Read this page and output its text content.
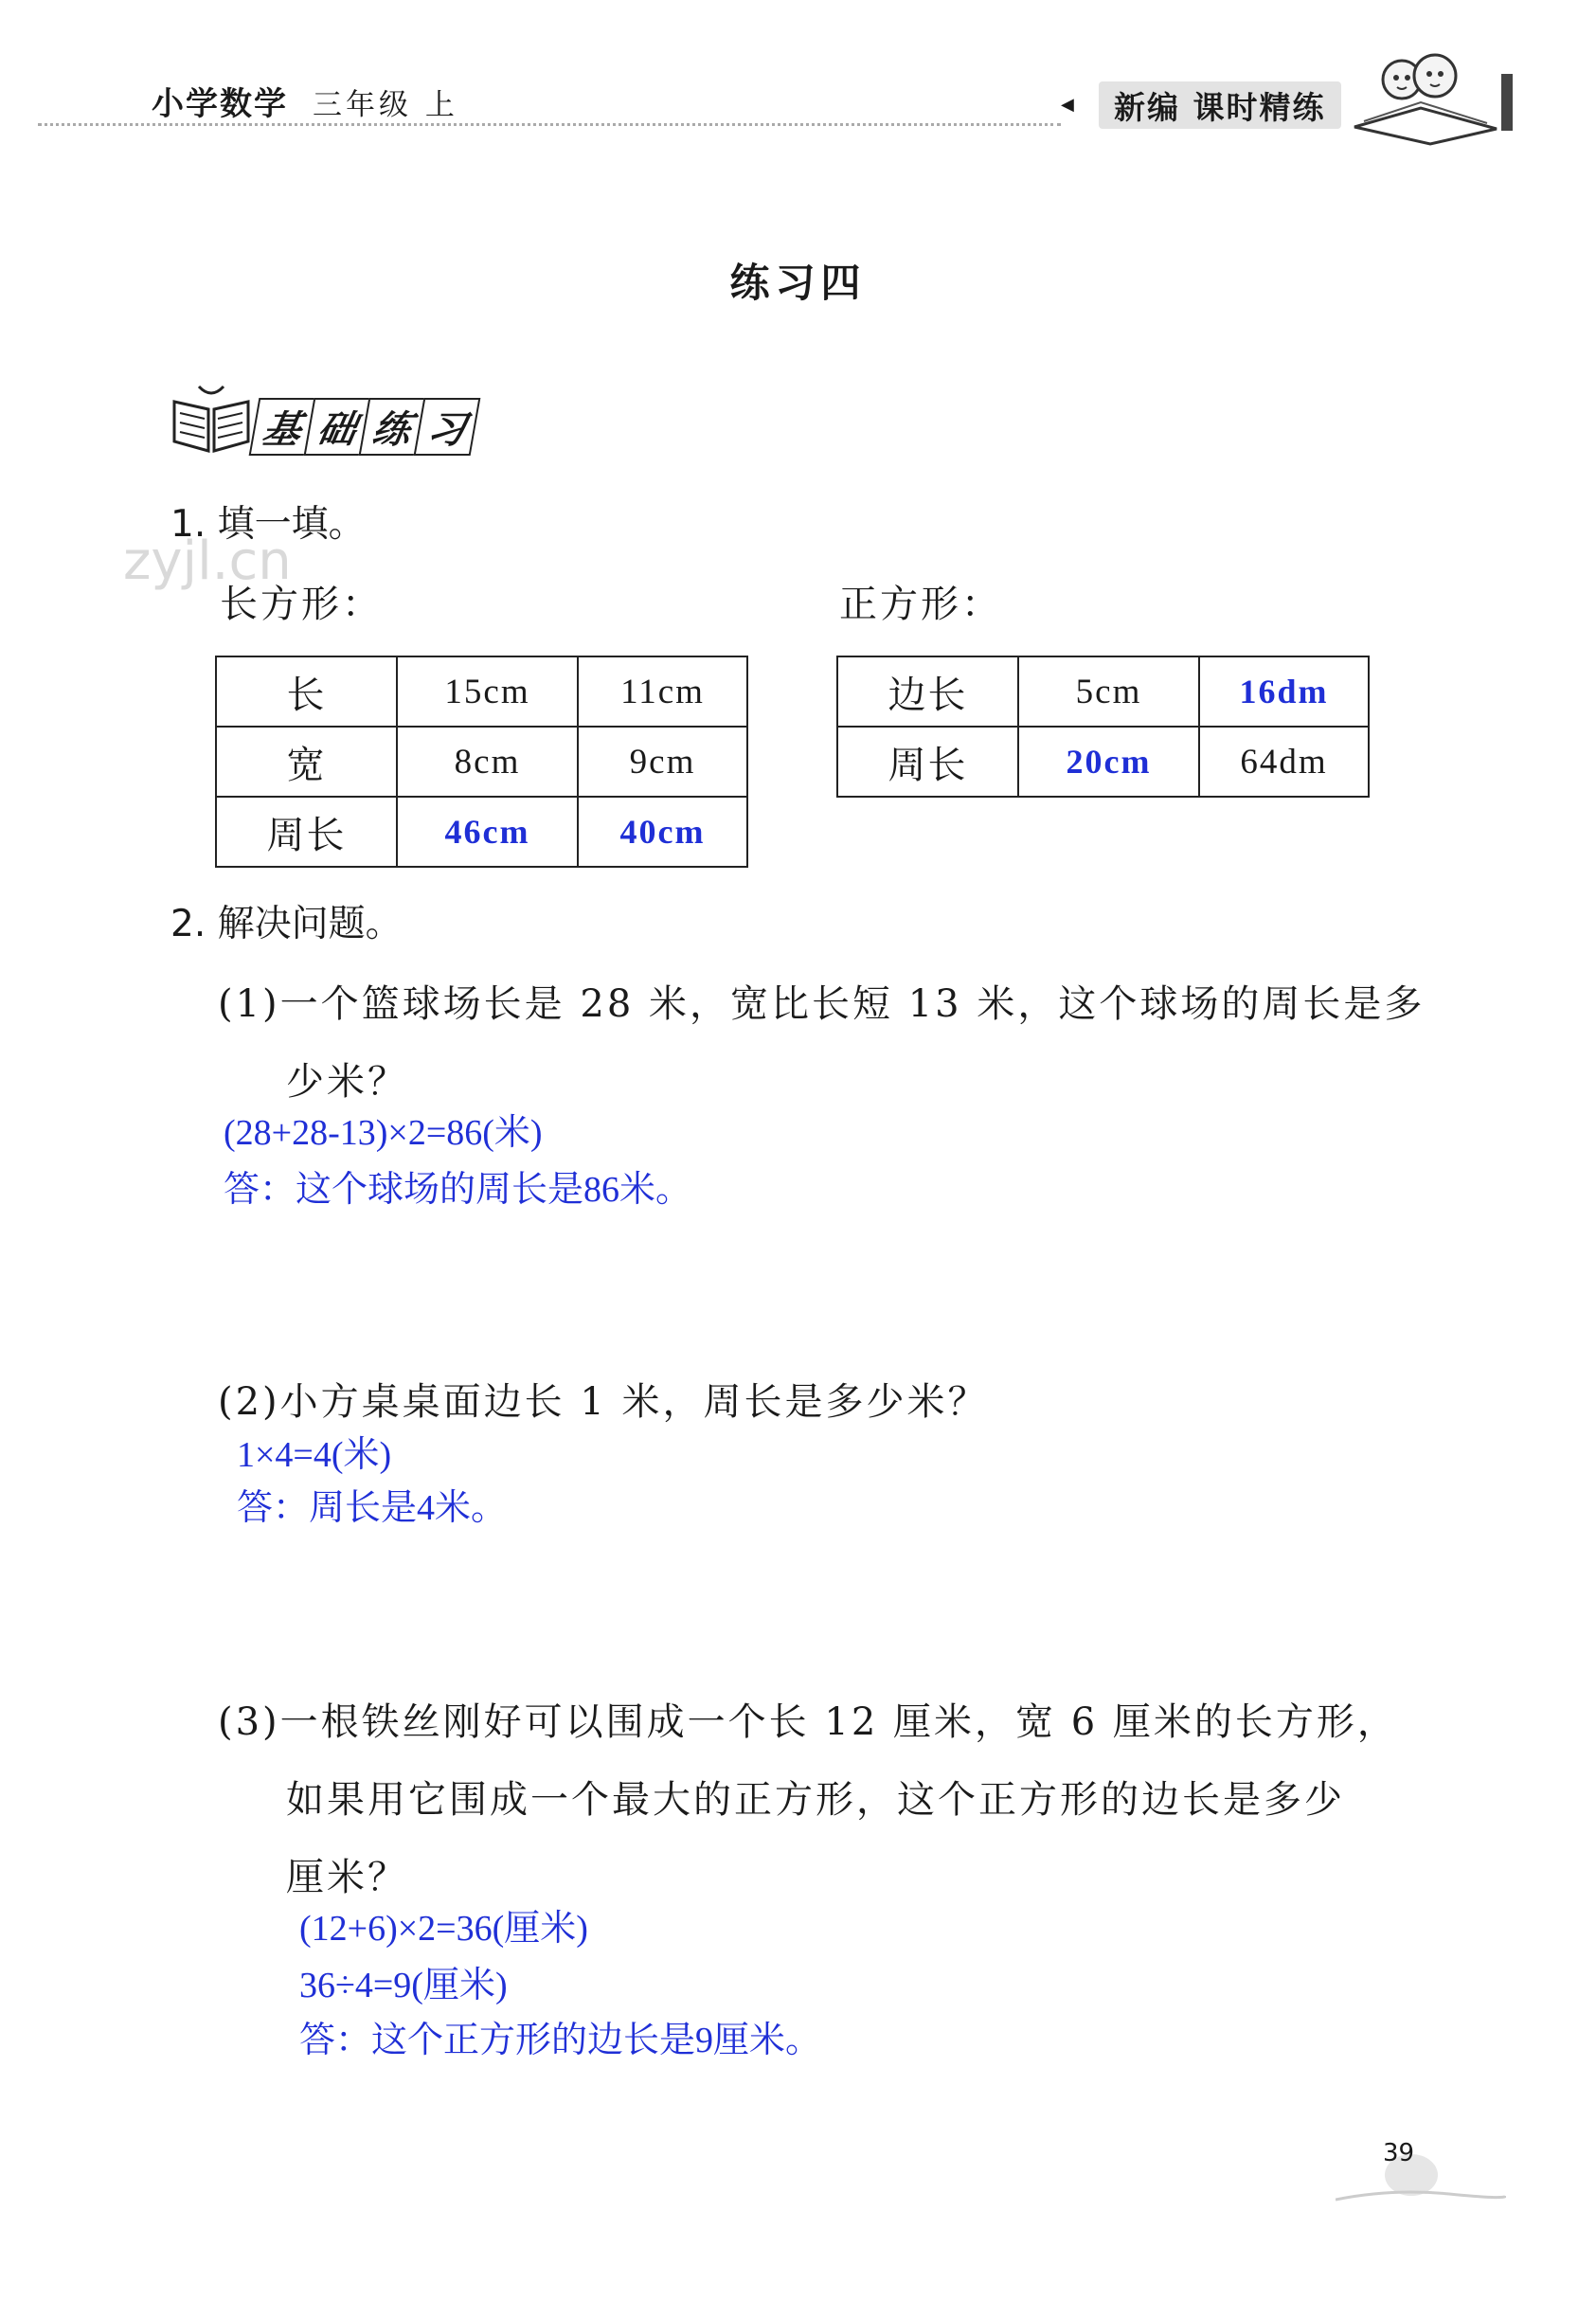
小学数学 三年级 上	◀	新编 课时精练
zyjl.cn
练习四
基 础 练 习
1. 填一填。
长方形：	正方形：
长	15cm	11cm
宽	8cm	9cm
周长	46cm	40cm
边长	5cm	16dm
周长	20cm	64dm
2. 解决问题。
(1)一个篮球场长是 28 米，宽比长短 13 米，这个球场的周长是多
少米？
(28+28-13)×2=86(米)
答：这个球场的周长是86米。
(2)小方桌桌面边长 1 米，周长是多少米？
1×4=4(米)
答：周长是4米。
(3)一根铁丝刚好可以围成一个长 12 厘米，宽 6 厘米的长方形，
如果用它围成一个最大的正方形，这个正方形的边长是多少
厘米？
(12+6)×2=36(厘米)
36÷4=9(厘米)
答：这个正方形的边长是9厘米。
39
